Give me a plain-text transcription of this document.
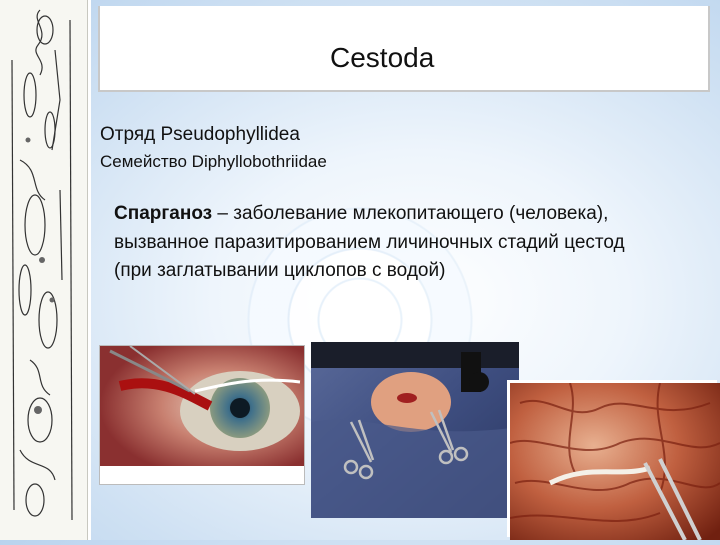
Cestoda
Отряд Pseudophyllidea
Семейство Diphyllobothriidae
Спарганоз – заболевание млекопитающего (человека), вызванное паразитированием личиночных стадий цестод (при заглатывании циклопов с водой)
